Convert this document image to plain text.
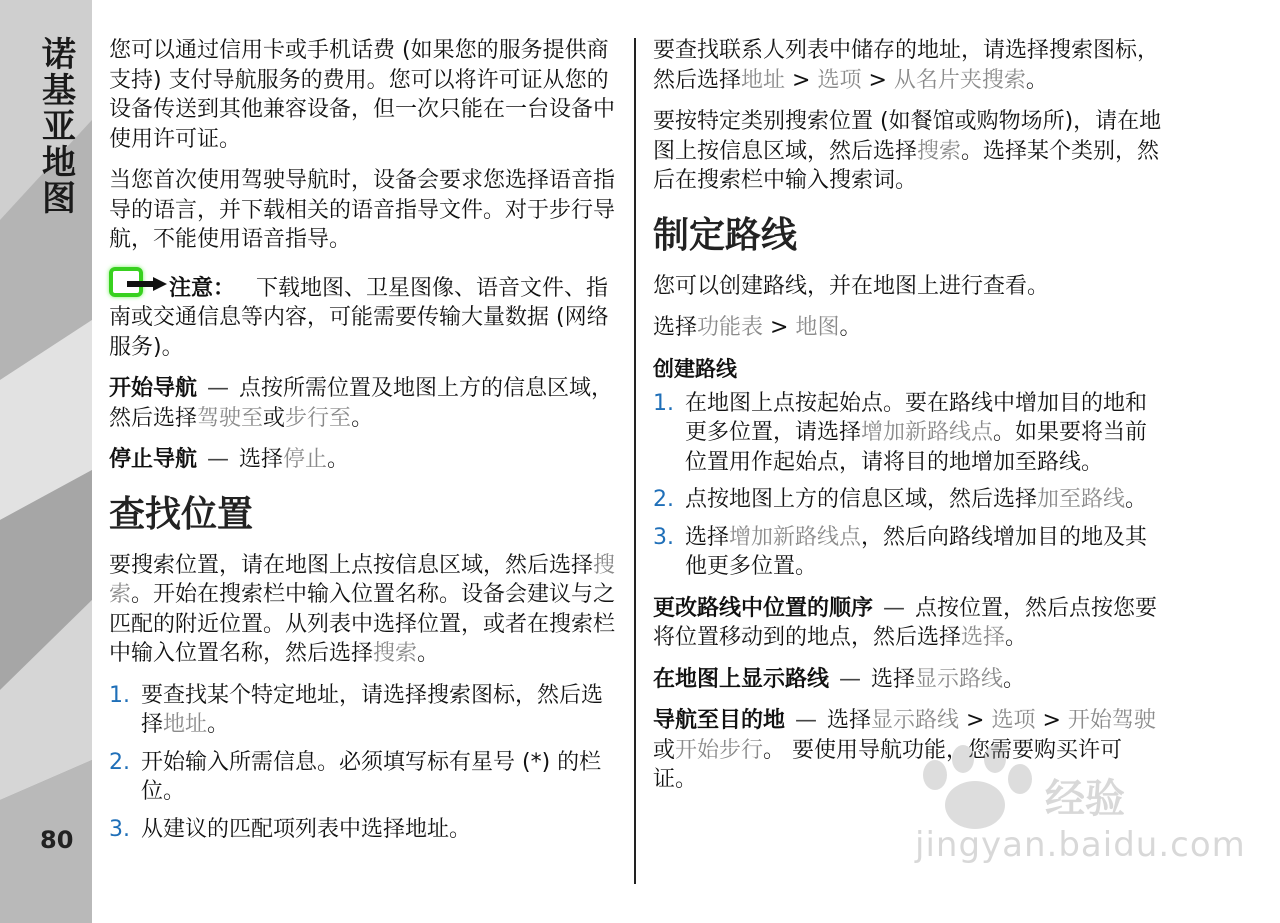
诺基亚地图
80

您可以通过信用卡或手机话费 (如果您的服务提供商支持) 支付导航服务的费用。您可以将许可证从您的设备传送到其他兼容设备，但一次只能在一台设备中使用许可证。

当您首次使用驾驶导航时，设备会要求您选择语音指导的语言，并下载相关的语音指导文件。对于步行导航，不能使用语音指导。

注意： 下载地图、卫星图像、语音文件、指南或交通信息等内容，可能需要传输大量数据 (网络服务)。

开始导航 — 点按所需位置及地图上方的信息区域，然后选择驾驶至或步行至。

停止导航 — 选择停止。

查找位置

要搜索位置，请在地图上点按信息区域，然后选择搜索。开始在搜索栏中输入位置名称。设备会建议与之匹配的附近位置。从列表中选择位置，或者在搜索栏中输入位置名称，然后选择搜索。

1. 要查找某个特定地址，请选择搜索图标，然后选择地址。
2. 开始输入所需信息。必须填写标有星号 (*) 的栏位。
3. 从建议的匹配项列表中选择地址。

要查找联系人列表中储存的地址，请选择搜索图标，然后选择地址 > 选项 > 从名片夹搜索。

要按特定类别搜索位置 (如餐馆或购物场所)，请在地图上按信息区域，然后选择搜索。选择某个类别，然后在搜索栏中输入搜索词。

制定路线

您可以创建路线，并在地图上进行查看。

选择功能表 > 地图。

创建路线
1. 在地图上点按起始点。要在路线中增加目的地和更多位置，请选择增加新路线点。如果要将当前位置用作起始点，请将目的地增加至路线。
2. 点按地图上方的信息区域，然后选择加至路线。
3. 选择增加新路线点，然后向路线增加目的地及其他更多位置。

更改路线中位置的顺序 — 点按位置，然后点按您要将位置移动到的地点，然后选择选择。

在地图上显示路线 — 选择显示路线。

导航至目的地 — 选择显示路线 > 选项 > 开始驾驶或开始步行。 要使用导航功能，您需要购买许可证。	经验
jingyan.baidu.com
